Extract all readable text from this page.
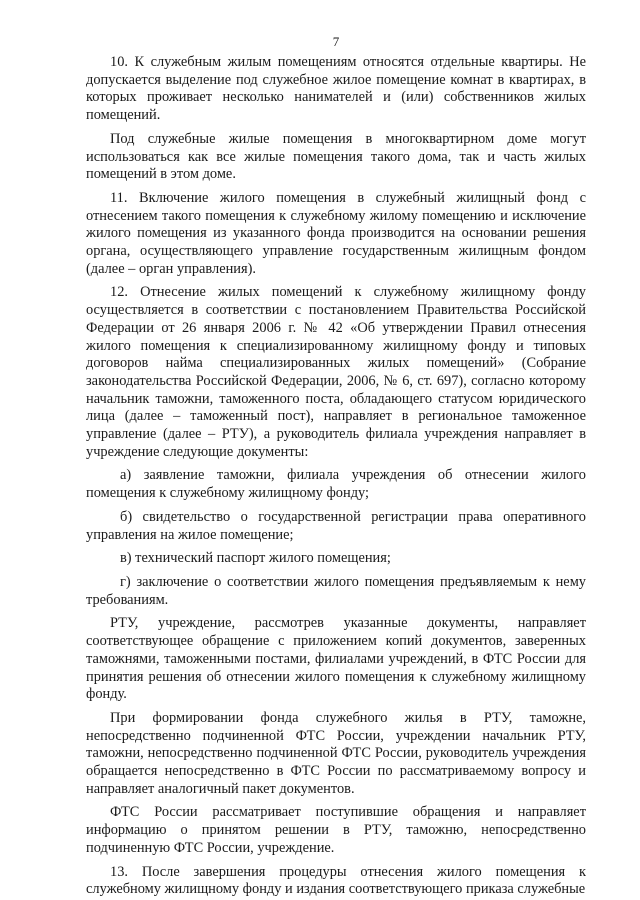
7

10. К служебным жилым помещениям относятся отдельные квартиры. Не допускается выделение под служебное жилое помещение комнат в квартирах, в которых проживает несколько нанимателей и (или) собственников жилых помещений.

Под служебные жилые помещения в многоквартирном доме могут использоваться как все жилые помещения такого дома, так и часть жилых помещений в этом доме.

11. Включение жилого помещения в служебный жилищный фонд с отнесением такого помещения к служебному жилому помещению и исключение жилого помещения из указанного фонда производится на основании решения органа, осуществляющего управление государственным жилищным фондом (далее – орган управления).

12. Отнесение жилых помещений к служебному жилищному фонду осуществляется в соответствии с постановлением Правительства Российской Федерации от 26 января 2006 г. № 42 «Об утверждении Правил отнесения жилого помещения к специализированному жилищному фонду и типовых договоров найма специализированных жилых помещений» (Собрание законодательства Российской Федерации, 2006, № 6, ст. 697), согласно которому начальник таможни, таможенного поста, обладающего статусом юридического лица (далее – таможенный пост), направляет в региональное таможенное управление (далее – РТУ), а руководитель филиала учреждения направляет в учреждение следующие документы:

а) заявление таможни, филиала учреждения об отнесении жилого помещения к служебному жилищному фонду;

б) свидетельство о государственной регистрации права оперативного управления на жилое помещение;

в) технический паспорт жилого помещения;

г) заключение о соответствии жилого помещения предъявляемым к нему требованиям.

РТУ, учреждение, рассмотрев указанные документы, направляет соответствующее обращение с приложением копий документов, заверенных таможнями, таможенными постами, филиалами учреждений, в ФТС России для принятия решения об отнесении жилого помещения к служебному жилищному фонду.

При формировании фонда служебного жилья в РТУ, таможне, непосредственно подчиненной ФТС России, учреждении начальник РТУ, таможни, непосредственно подчиненной ФТС России, руководитель учреждения обращается непосредственно в ФТС России по рассматриваемому вопросу и направляет аналогичный пакет документов.

ФТС России рассматривает поступившие обращения и направляет информацию о принятом решении в РТУ, таможню, непосредственно подчиненную ФТС России, учреждение.

13. После завершения процедуры отнесения жилого помещения к служебному жилищному фонду и издания соответствующего приказа служебные
